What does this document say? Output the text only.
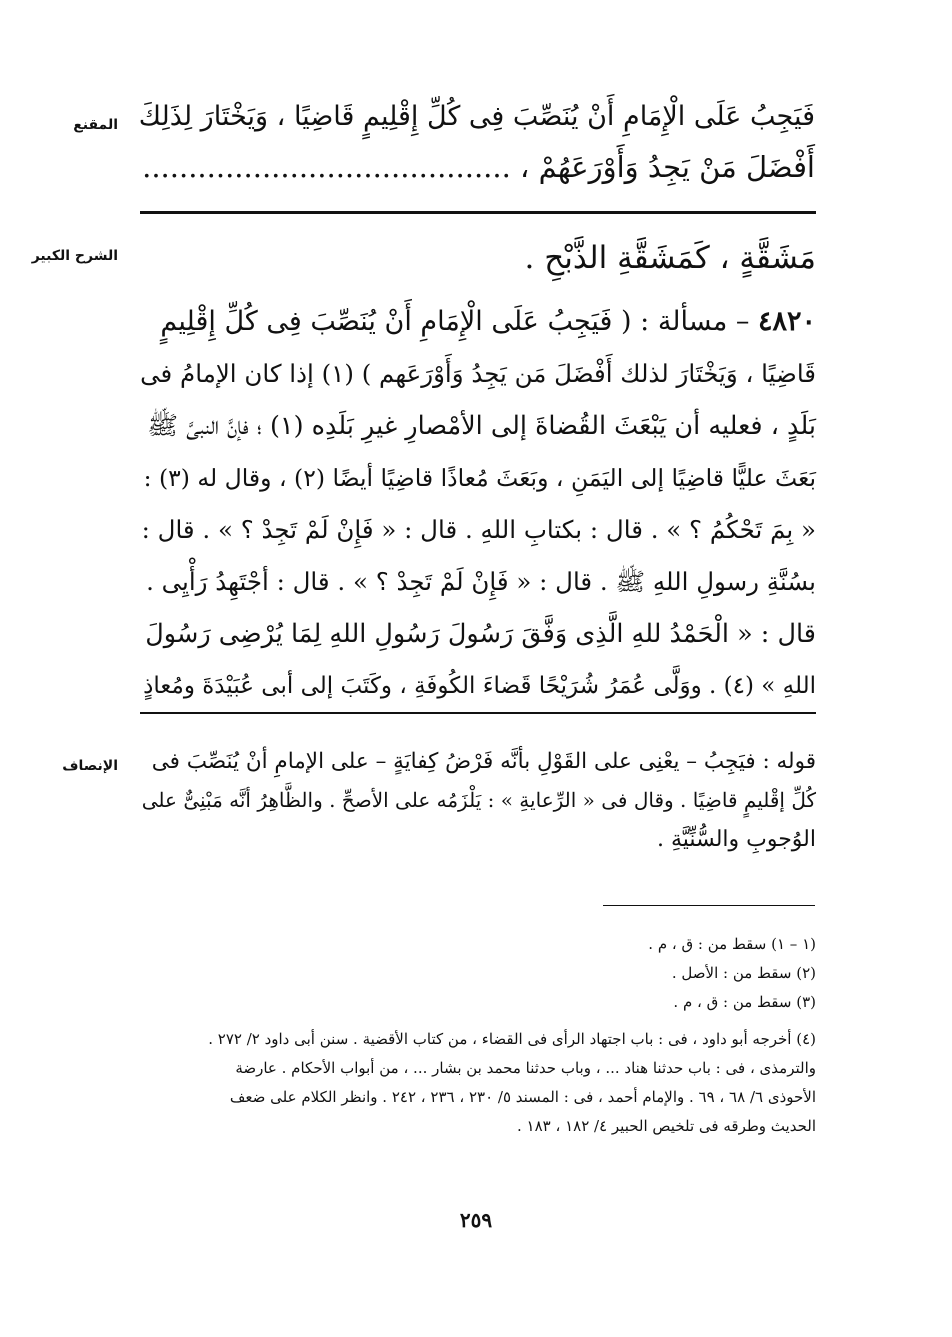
المقنع فَيَجِبُ عَلَى الْإِمَامِ أَنْ يُنَصِّبَ فِى كُلِّ إِقْلِيمٍ قَاضِيًا ، وَيَخْتَارَ لِذَلِكَ
أَفْضَلَ مَنْ يَجِدُ وَأَوْرَعَهُمْ ، ........................................
الشرح الكبير	مَشَقَّةٍ ، كَمَشَقَّةِ الذَّبْحِ .
٤٨٢٠ – مسألة : ( فَيَجِبُ عَلَى الْإِمَامِ أَنْ يُنَصِّبَ فِى كُلِّ إِقْلِيمٍ
قَاضِيًا ، وَيَخْتَارَ لذلك أَفْضَلَ مَن يَجِدُ وَأَوْرَعَهم ) (١) إذا كان الإمامُ فى
بَلَدٍ ، فعليه أن يَبْعَثَ القُضاةَ إلى الأمْصارِ غيرِ بَلَدِه (١) ؛ فإنَّ النبىَّ ﷺ
بَعَثَ عليًّا قاضِيًا إلى اليَمَنِ ، وبَعَثَ مُعاذًا قاضِيًا أيضًا (٢) ، وقال له (٣) :
« بِمَ تَحْكُمُ ؟ » . قال : بكتابِ اللهِ . قال : « فَإِنْ لَمْ تَجِدْ ؟ » . قال :
بسُنَّةِ رسولِ اللهِ ﷺ . قال : « فَإِنْ لَمْ تَجِدْ ؟ » . قال : أجْتَهِدُ رَأْيِى .
قال : « الْحَمْدُ للهِ الَّذِى وَفَّقَ رَسُولَ رَسُولِ اللهِ لِمَا يُرْضِى رَسُولَ
اللهِ » (٤) . ووَلَّى عُمَرُ شُرَيْحًا قَضاءَ الكُوفَةِ ، وكَتَبَ إلى أبى عُبَيْدَةَ ومُعاذٍ
الإنصاف	قوله : فيَجِبُ – يعْنِى على القَوْلِ بأنَّه فَرْضُ كِفايَةٍ – على الإمامِ أنْ يُنَصِّبَ فى
كُلِّ إقْليمٍ قاضِيًا . وقال فى « الرِّعايةِ » : يَلْزَمُه على الأصحِّ . والظَّاهِرُ أنَّه مَبْنِىٌّ على
الوُجوبِ والسُّنِّيَّةِ .
(١ – ١) سقط من : ق ، م .
(٢) سقط من : الأصل .
(٣) سقط من : ق ، م .
(٤) أخرجه أبو داود ، فى : باب اجتهاد الرأى فى القضاء ، من كتاب الأقضية . سنن أبى داود ٢/ ٢٧٢ .
والترمذى ، فى : باب حدثنا هناد ... ، وباب حدثنا محمد بن بشار ... ، من أبواب الأحكام . عارضة
الأحوذى ٦/ ٦٨ ، ٦٩ . والإمام أحمد ، فى : المسند ٥/ ٢٣٠ ، ٢٣٦ ، ٢٤٢ . وانظر الكلام على ضعف
الحديث وطرقه فى تلخيص الحبير ٤/ ١٨٢ ، ١٨٣ .
٢٥٩
